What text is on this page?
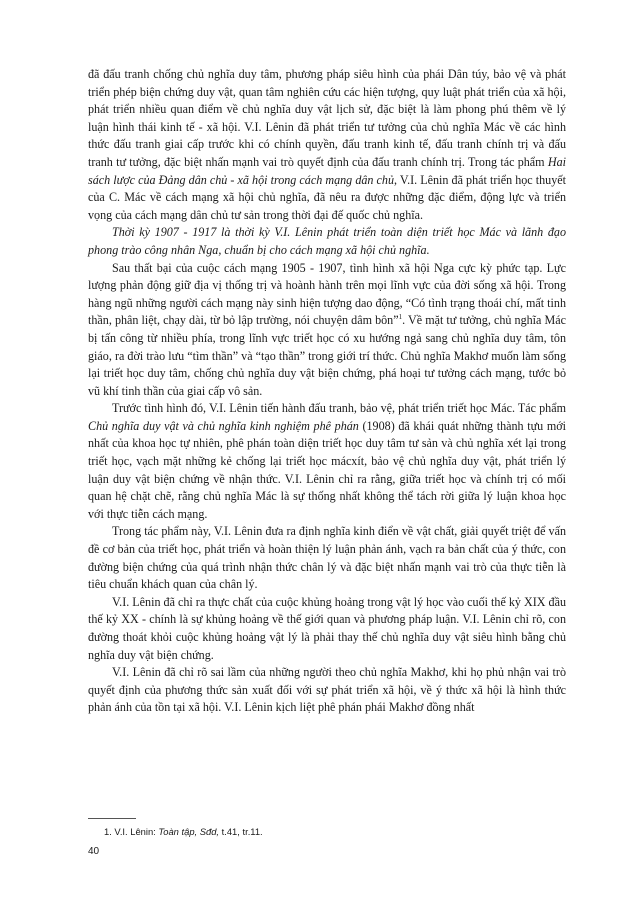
đã đấu tranh chống chủ nghĩa duy tâm, phương pháp siêu hình của phái Dân túy, bảo vệ và phát triển phép biện chứng duy vật, quan tâm nghiên cứu các hiện tượng, quy luật phát triển của xã hội, phát triển nhiều quan điểm về chủ nghĩa duy vật lịch sử, đặc biệt là làm phong phú thêm về lý luận hình thái kinh tế - xã hội. V.I. Lênin đã phát triển tư tưởng của chủ nghĩa Mác về các hình thức đấu tranh giai cấp trước khi có chính quyền, đấu tranh kinh tế, đấu tranh chính trị và đấu tranh tư tưởng, đặc biệt nhấn mạnh vai trò quyết định của đấu tranh chính trị. Trong tác phẩm Hai sách lược của Đảng dân chủ - xã hội trong cách mạng dân chủ, V.I. Lênin đã phát triển học thuyết của C. Mác về cách mạng xã hội chủ nghĩa, đã nêu ra được những đặc điểm, động lực và triển vọng của cách mạng dân chủ tư sản trong thời đại đế quốc chủ nghĩa.

Thời kỳ 1907 - 1917 là thời kỳ V.I. Lênin phát triển toàn diện triết học Mác và lãnh đạo phong trào công nhân Nga, chuẩn bị cho cách mạng xã hội chủ nghĩa.

Sau thất bại của cuộc cách mạng 1905 - 1907, tình hình xã hội Nga cực kỳ phức tạp. Lực lượng phản động giữ địa vị thống trị và hoành hành trên mọi lĩnh vực của đời sống xã hội. Trong hàng ngũ những người cách mạng này sinh hiện tượng dao động, “Có tình trạng thoái chí, mất tinh thần, phân liệt, chạy dài, từ bỏ lập trường, nói chuyện dâm bôn”$^1$. Về mặt tư tưởng, chủ nghĩa Mác bị tấn công từ nhiều phía, trong lĩnh vực triết học có xu hướng ngả sang chủ nghĩa duy tâm, tôn giáo, ra đời trào lưu “tìm thần” và “tạo thần” trong giới trí thức. Chủ nghĩa Makhơ muốn làm sống lại triết học duy tâm, chống chủ nghĩa duy vật biện chứng, phá hoại tư tưởng cách mạng, tước bỏ vũ khí tinh thần của giai cấp vô sản.

Trước tình hình đó, V.I. Lênin tiến hành đấu tranh, bảo vệ, phát triển triết học Mác. Tác phẩm Chủ nghĩa duy vật và chủ nghĩa kinh nghiệm phê phán (1908) đã khái quát những thành tựu mới nhất của khoa học tự nhiên, phê phán toàn diện triết học duy tâm tư sản và chủ nghĩa xét lại trong triết học, vạch mặt những kẻ chống lại triết học mácxít, bảo vệ chủ nghĩa duy vật, phát triển lý luận duy vật biện chứng về nhận thức. V.I. Lênin chỉ ra rằng, giữa triết học và chính trị có mối quan hệ chặt chẽ, rằng chủ nghĩa Mác là sự thống nhất không thể tách rời giữa lý luận khoa học với thực tiễn cách mạng.

Trong tác phẩm này, V.I. Lênin đưa ra định nghĩa kinh điển về vật chất, giải quyết triệt để vấn đề cơ bản của triết học, phát triển và hoàn thiện lý luận phản ánh, vạch ra bản chất của ý thức, con đường biện chứng của quá trình nhận thức chân lý và đặc biệt nhấn mạnh vai trò của thực tiễn là tiêu chuẩn khách quan của chân lý.

V.I. Lênin đã chỉ ra thực chất của cuộc khủng hoảng trong vật lý học vào cuối thế kỷ XIX đầu thế kỷ XX - chính là sự khủng hoảng về thế giới quan và phương pháp luận. V.I. Lênin chỉ rõ, con đường thoát khỏi cuộc khủng hoảng vật lý là phải thay thế chủ nghĩa duy vật siêu hình bằng chủ nghĩa duy vật biện chứng.

V.I. Lênin đã chỉ rõ sai lầm của những người theo chủ nghĩa Makhơ, khi họ phủ nhận vai trò quyết định của phương thức sản xuất đối với sự phát triển xã hội, về ý thức xã hội là hình thức phản ánh của tồn tại xã hội. V.I. Lênin kịch liệt phê phán phái Makhơ đồng nhất

1. V.I. Lênin: Toàn tập, Sđd, t.41, tr.11.
40
